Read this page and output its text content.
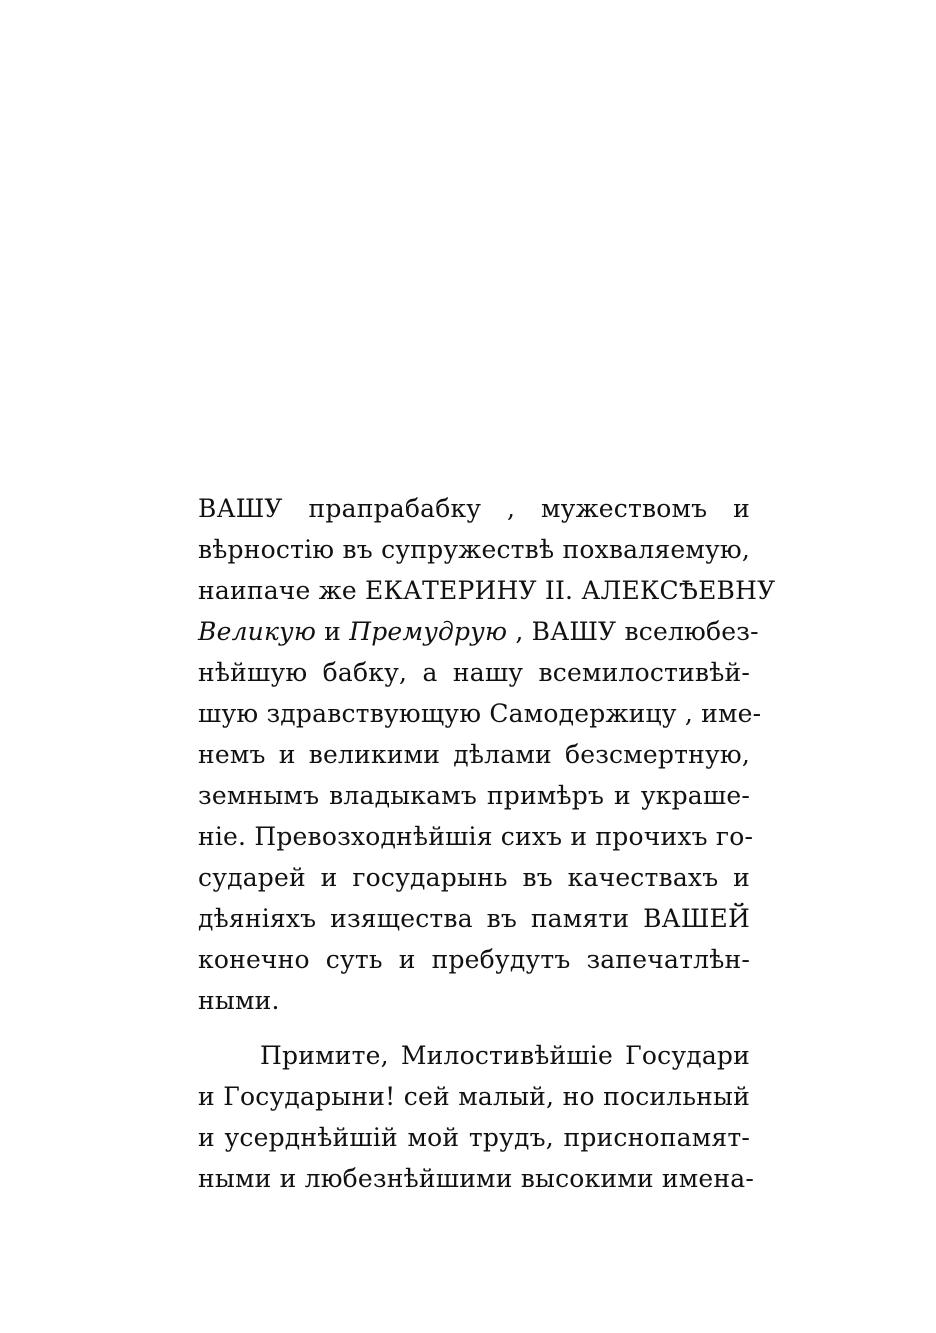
ВАШУ прапрабабку , мужествомъ и
вѣрностію въ супружествѣ похваляемую,
наипаче же ЕКАТЕРИНУ II. АЛЕКСѢЕВНУ
Великую и Премудрую , ВАШУ вселюбез-
нѣйшую бабку, а нашу всемилостивѣй-
шую здравствующую Самодержицу , име-
немъ и великими дѣлами безсмертную,
земнымъ владыкамъ примѣръ и украше-
ніе. Превозходнѣйшія сихъ и прочихъ го-
сударей и государынь въ качествахъ и
дѣяніяхъ изящества въ памяти ВАШЕЙ
конечно суть и пребудутъ запечатлѣн-
ными.
Примите, Милостивѣйшіе Государи
и Государыни! сей малый, но посильный
и усерднѣйшій мой трудъ, приснопамят-
ными и любезнѣйшими высокими имена-
